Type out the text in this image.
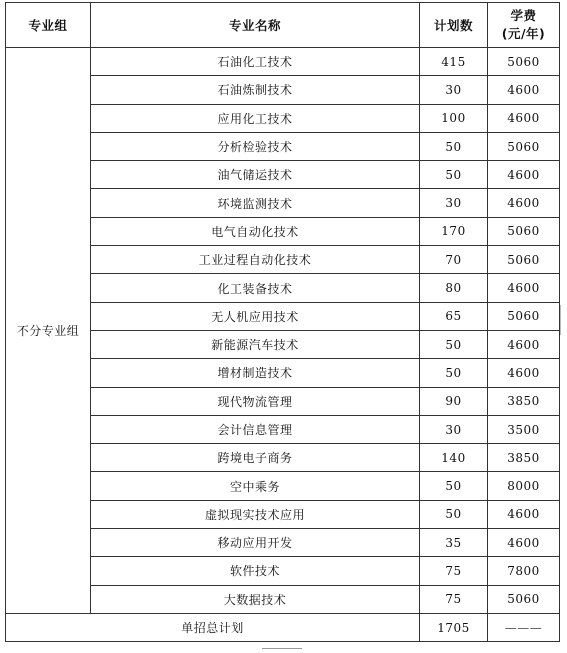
专业组	专业名称	计划数	学费
(元/年)

不分专业组	石油化工技术	415	5060
	石油炼制技术	30	4600
	应用化工技术	100	4600
	分析检验技术	50	5060
	油气储运技术	50	4600
	环境监测技术	30	4600
	电气自动化技术	170	5060
	工业过程自动化技术	70	5060
	化工装备技术	80	4600
	无人机应用技术	65	5060
	新能源汽车技术	50	4600
	增材制造技术	50	4600
	现代物流管理	90	3850
	会计信息管理	30	3500
	跨境电子商务	140	3850
	空中乘务	50	8000
	虚拟现实技术应用	50	4600
	移动应用开发	35	4600
	软件技术	75	7800
	大数据技术	75	5060
单招总计划		1705	———
